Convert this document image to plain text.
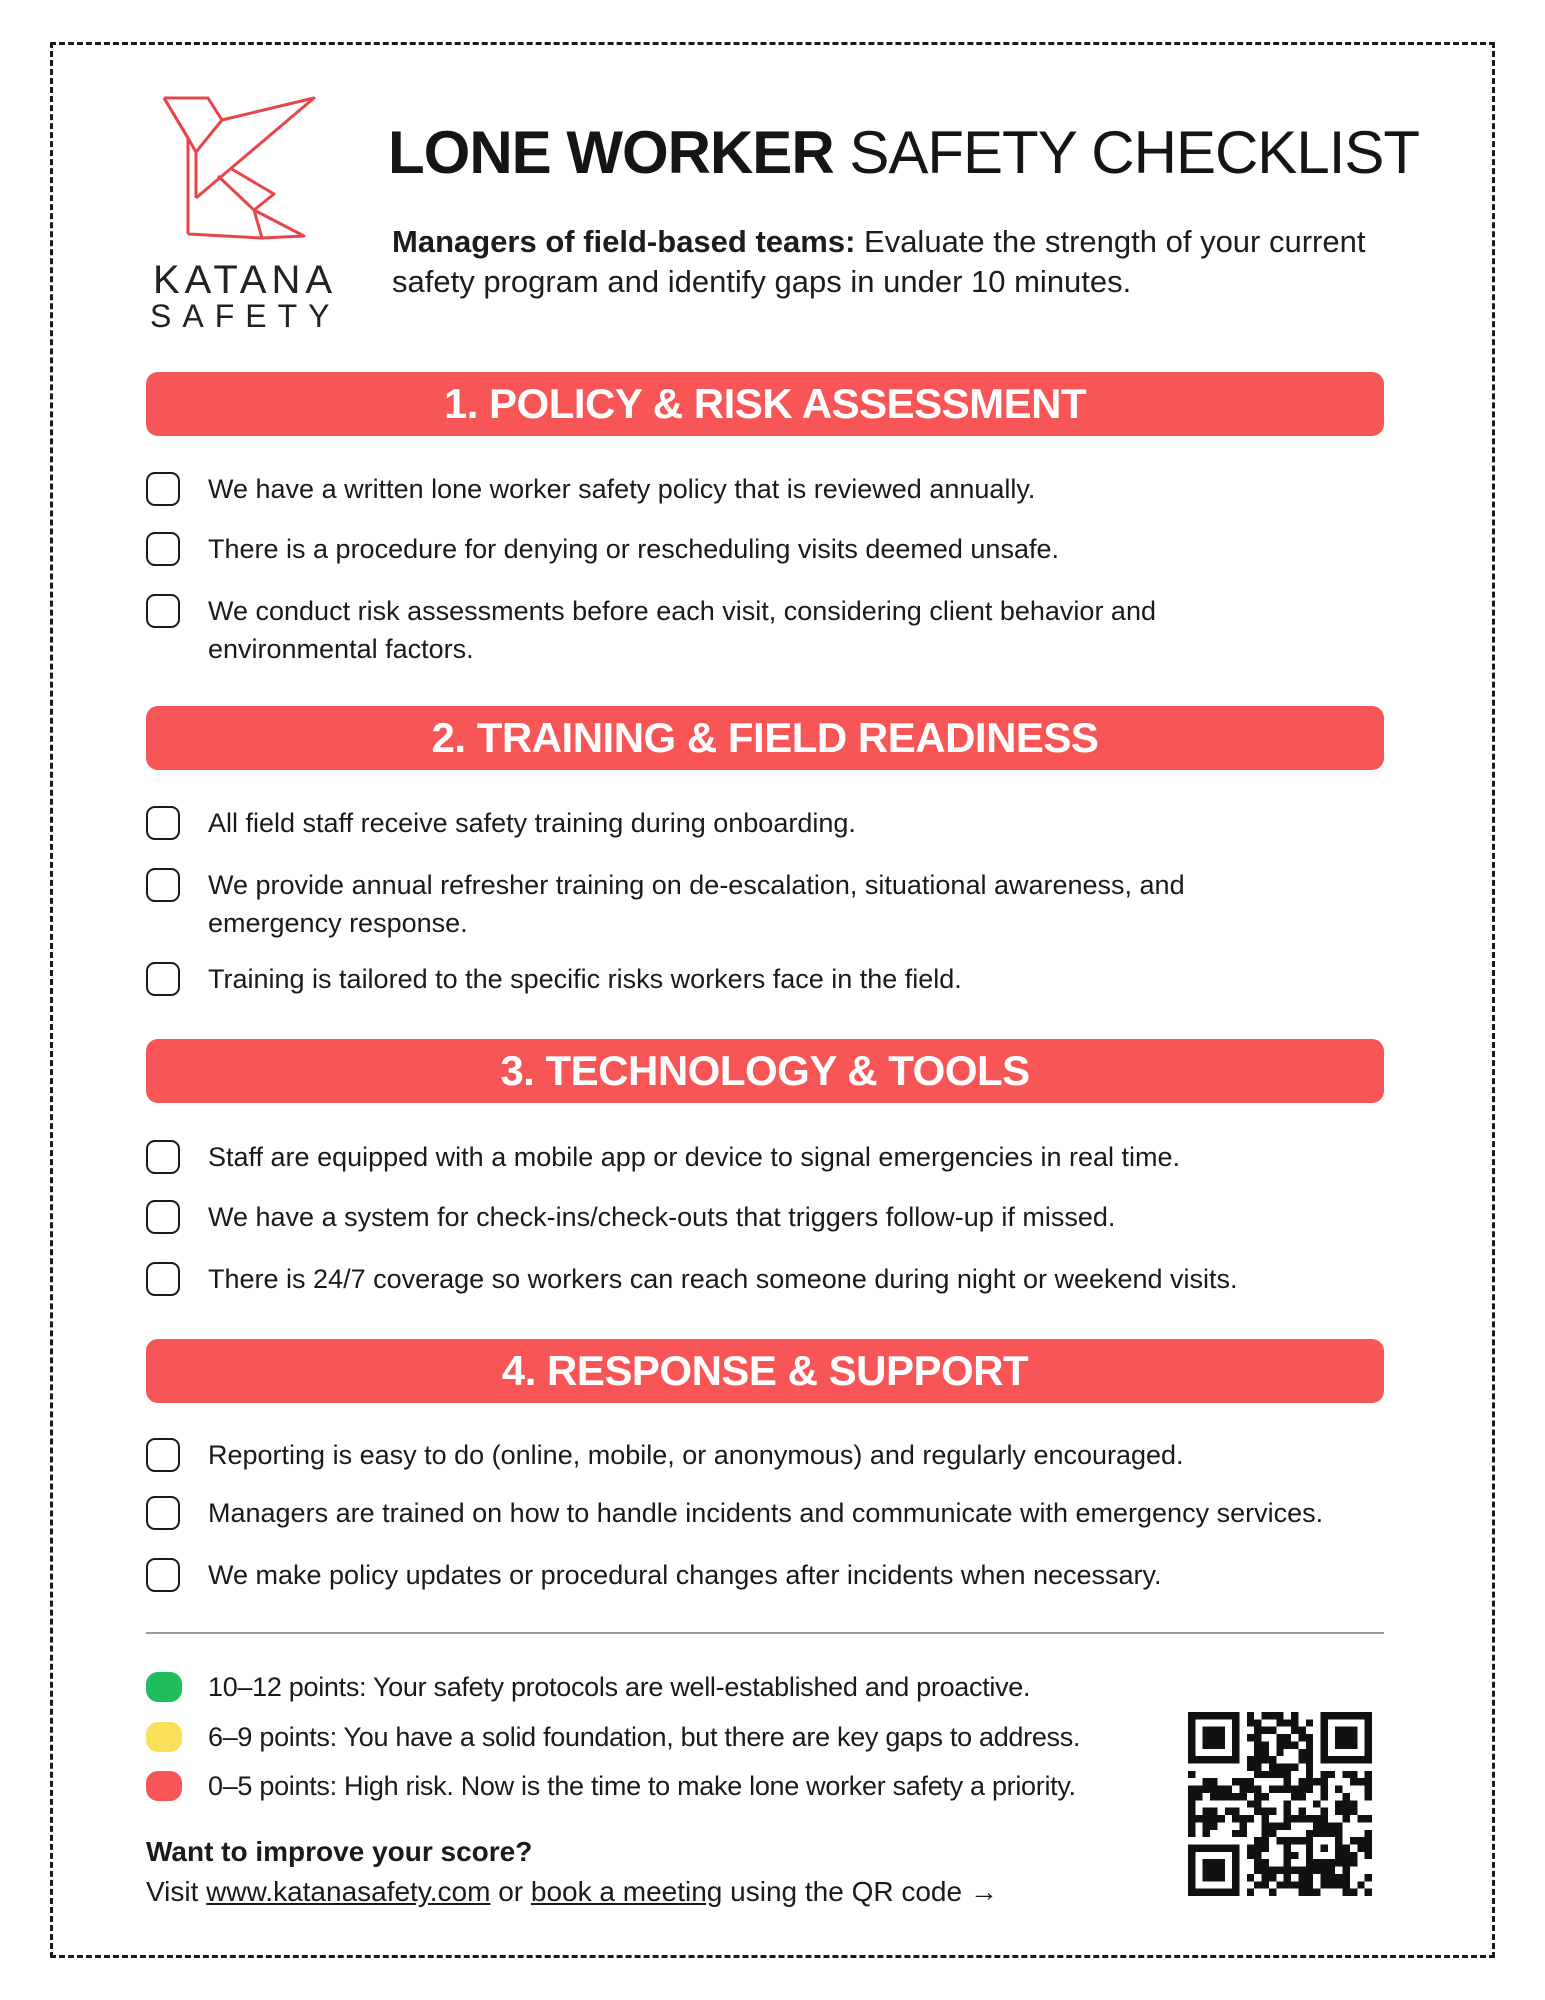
KATANA
SAFETY
LONE WORKER SAFETY CHECKLIST
Managers of field-based teams: Evaluate the strength of your current safety program and identify gaps in under 10 minutes.
1. POLICY & RISK ASSESSMENT
We have a written lone worker safety policy that is reviewed annually.
There is a procedure for denying or rescheduling visits deemed unsafe.
We conduct risk assessments before each visit, considering client behavior and environmental factors.
2. TRAINING & FIELD READINESS
All field staff receive safety training during onboarding.
We provide annual refresher training on de-escalation, situational awareness, and emergency response.
Training is tailored to the specific risks workers face in the field.
3. TECHNOLOGY & TOOLS
Staff are equipped with a mobile app or device to signal emergencies in real time.
We have a system for check-ins/check-outs that triggers follow-up if missed.
There is 24/7 coverage so workers can reach someone during night or weekend visits.
4. RESPONSE & SUPPORT
Reporting is easy to do (online, mobile, or anonymous) and regularly encouraged.
Managers are trained on how to handle incidents and communicate with emergency services.
We make policy updates or procedural changes after incidents when necessary.
10–12 points: Your safety protocols are well-established and proactive.
6–9 points: You have a solid foundation, but there are key gaps to address.
0–5 points: High risk. Now is the time to make lone worker safety a priority.
Want to improve your score?
Visit www.katanasafety.com or book a meeting using the QR code →
